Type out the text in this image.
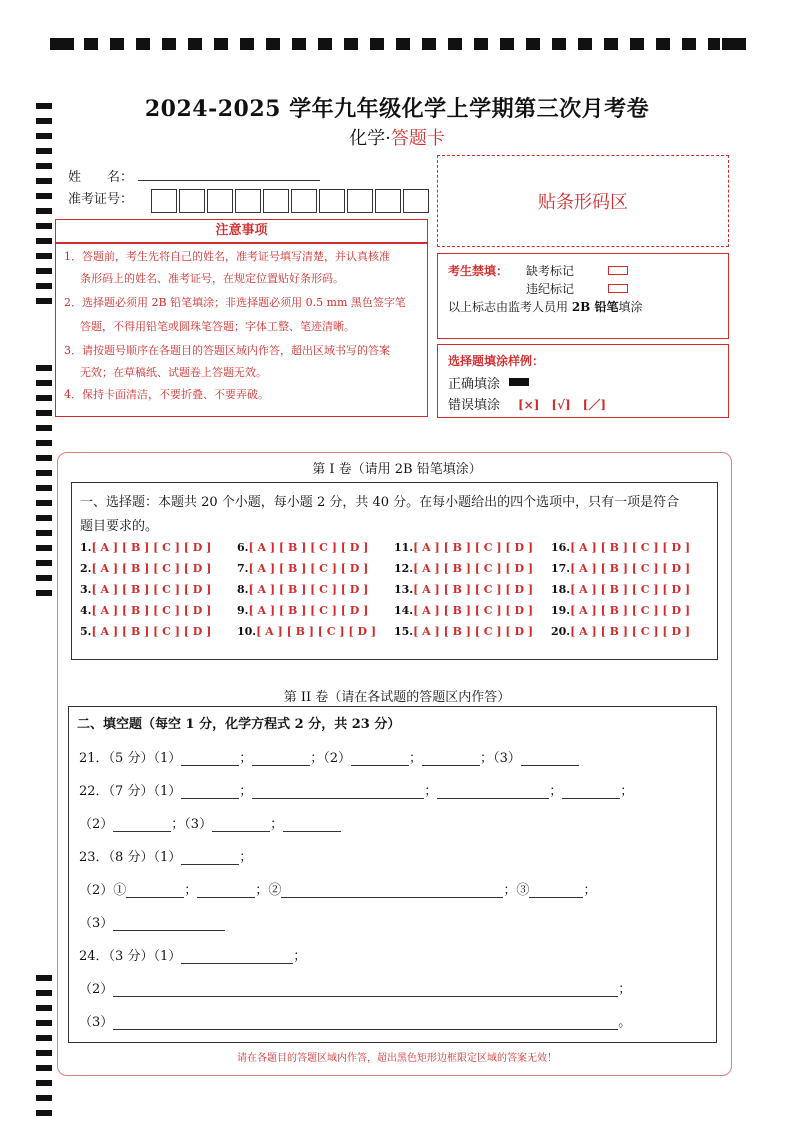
2024-2025 学年九年级化学上学期第三次月考卷
化学·答题卡
姓　　名：
准考证号：	贴条形码区
注意事项

1．答题前，考生先将自己的姓名，准考证号填写清楚，并认真核准

条形码上的姓名、准考证号，在规定位置贴好条形码。

2．选择题必须用 2B 铅笔填涂；非选择题必须用 0.5 mm 黑色签字笔

答题，不得用铅笔或圆珠笔答题；字体工整、笔迹清晰。

3．请按题号顺序在各题目的答题区域内作答，超出区域书写的答案

无效；在草稿纸、试题卷上答题无效。

4．保持卡面清洁，不要折叠、不要弄破。

考生禁填： 缺考标记
违纪标记
以上标志由监考人员用 2B 铅笔填涂
选择题填涂样例：
正确填涂
错误填涂 [×]　[√]　[／]
第 I 卷（请用 2B 铅笔填涂）
一、选择题：本题共 20 个小题，每小题 2 分，共 40 分。在每小题给出的四个选项中，只有一项是符合
题目要求的。
1.[ A ] [ B ] [ C ] [ D ]
2.[ A ] [ B ] [ C ] [ D ]
3.[ A ] [ B ] [ C ] [ D ]
4.[ A ] [ B ] [ C ] [ D ]
5.[ A ] [ B ] [ C ] [ D ]
6.[ A ] [ B ] [ C ] [ D ]
7.[ A ] [ B ] [ C ] [ D ]
8.[ A ] [ B ] [ C ] [ D ]
9.[ A ] [ B ] [ C ] [ D ]
10.[ A ] [ B ] [ C ] [ D ]
11.[ A ] [ B ] [ C ] [ D ]
12.[ A ] [ B ] [ C ] [ D ]
13.[ A ] [ B ] [ C ] [ D ]
14.[ A ] [ B ] [ C ] [ D ]
15.[ A ] [ B ] [ C ] [ D ]
16.[ A ] [ B ] [ C ] [ D ]
17.[ A ] [ B ] [ C ] [ D ]
18.[ A ] [ B ] [ C ] [ D ]
19.[ A ] [ B ] [ C ] [ D ]
20.[ A ] [ B ] [ C ] [ D ]
第 II 卷（请在各试题的答题区内作答）
二、填空题（每空 1 分，化学方程式 2 分，共 23 分）
21．（5 分）（1）	；	；（2）	；	；（3）
22．（7 分）（1）	；	；	；	；
（2）	；（3）	；
23．（8 分）（1）	；
（2）①	；	；②	；③	；
（3）
24．（3 分）（1）	；
（2）	；
（3）	。
请在各题目的答题区域内作答，超出黑色矩形边框限定区域的答案无效！
